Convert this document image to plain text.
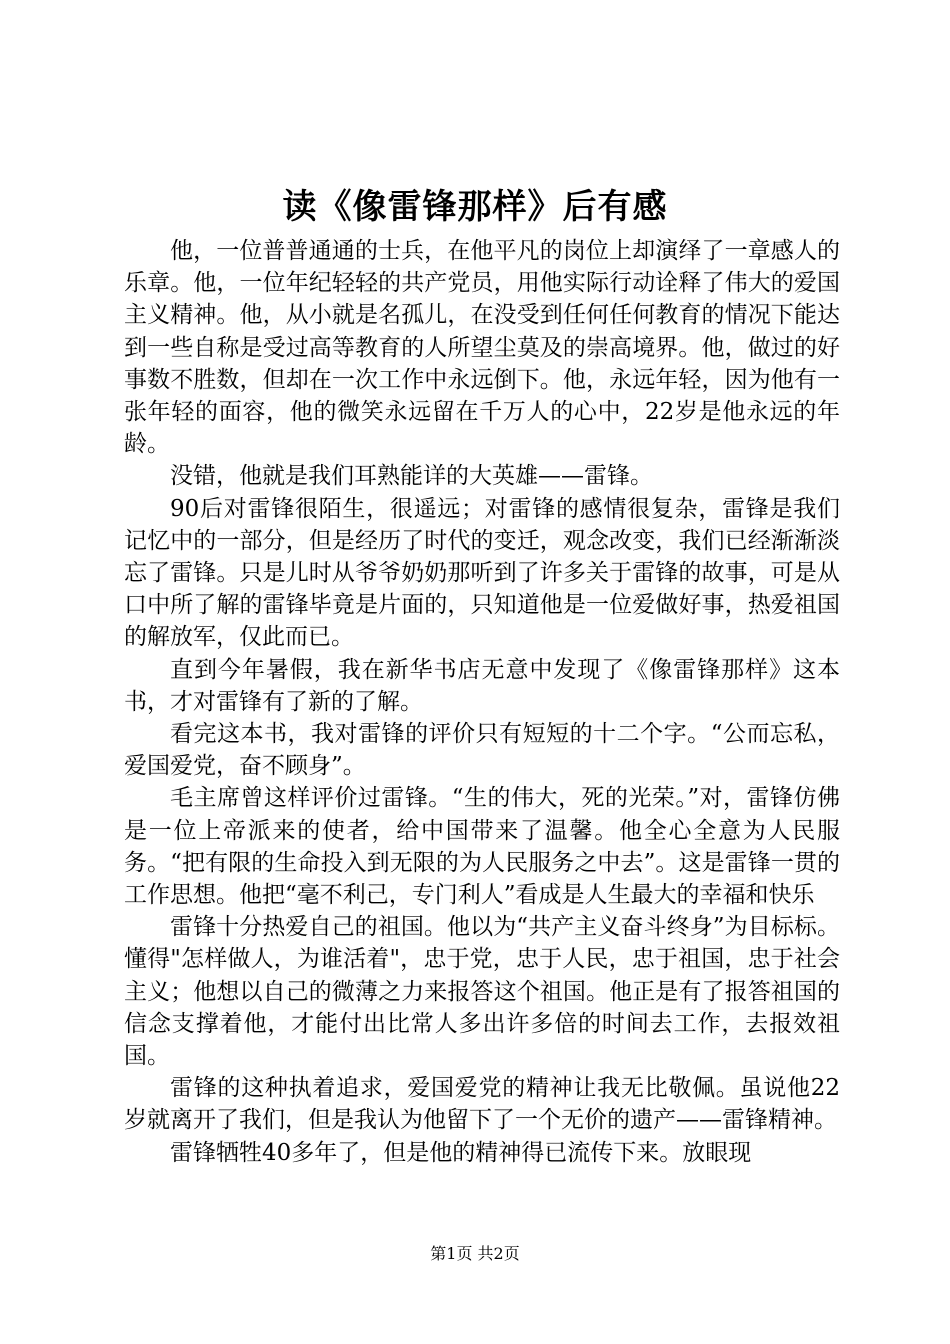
读《像雷锋那样》后有感

他，一位普普通通的士兵，在他平凡的岗位上却演绎了一章感人的乐章。他，一位年纪轻轻的共产党员，用他实际行动诠释了伟大的爱国主义精神。他，从小就是名孤儿，在没受到任何任何教育的情况下能达到一些自称是受过高等教育的人所望尘莫及的崇高境界。他，做过的好事数不胜数，但却在一次工作中永远倒下。他，永远年轻，因为他有一张年轻的面容，他的微笑永远留在千万人的心中，22岁是他永远的年龄。

没错，他就是我们耳熟能详的大英雄——雷锋。

90后对雷锋很陌生，很遥远；对雷锋的感情很复杂，雷锋是我们记忆中的一部分，但是经历了时代的变迁，观念改变，我们已经渐渐淡忘了雷锋。只是儿时从爷爷奶奶那听到了许多关于雷锋的故事，可是从口中所了解的雷锋毕竟是片面的，只知道他是一位爱做好事，热爱祖国的解放军，仅此而已。

直到今年暑假，我在新华书店无意中发现了《像雷锋那样》这本书，才对雷锋有了新的了解。

看完这本书，我对雷锋的评价只有短短的十二个字。“公而忘私，爱国爱党，奋不顾身”。

毛主席曾这样评价过雷锋。“生的伟大，死的光荣。”对，雷锋仿佛是一位上帝派来的使者，给中国带来了温馨。他全心全意为人民服务。“把有限的生命投入到无限的为人民服务之中去”。这是雷锋一贯的工作思想。他把“毫不利己，专门利人”看成是人生最大的幸福和快乐

雷锋十分热爱自己的祖国。他以为“共产主义奋斗终身”为目标标。懂得"怎样做人，为谁活着"，忠于党，忠于人民，忠于祖国，忠于社会主义；他想以自己的微薄之力来报答这个祖国。他正是有了报答祖国的信念支撑着他，才能付出比常人多出许多倍的时间去工作，去报效祖国。

雷锋的这种执着追求，爱国爱党的精神让我无比敬佩。虽说他22岁就离开了我们，但是我认为他留下了一个无价的遗产——雷锋精神。

雷锋牺牲40多年了，但是他的精神得已流传下来。放眼现

第1页 共2页
